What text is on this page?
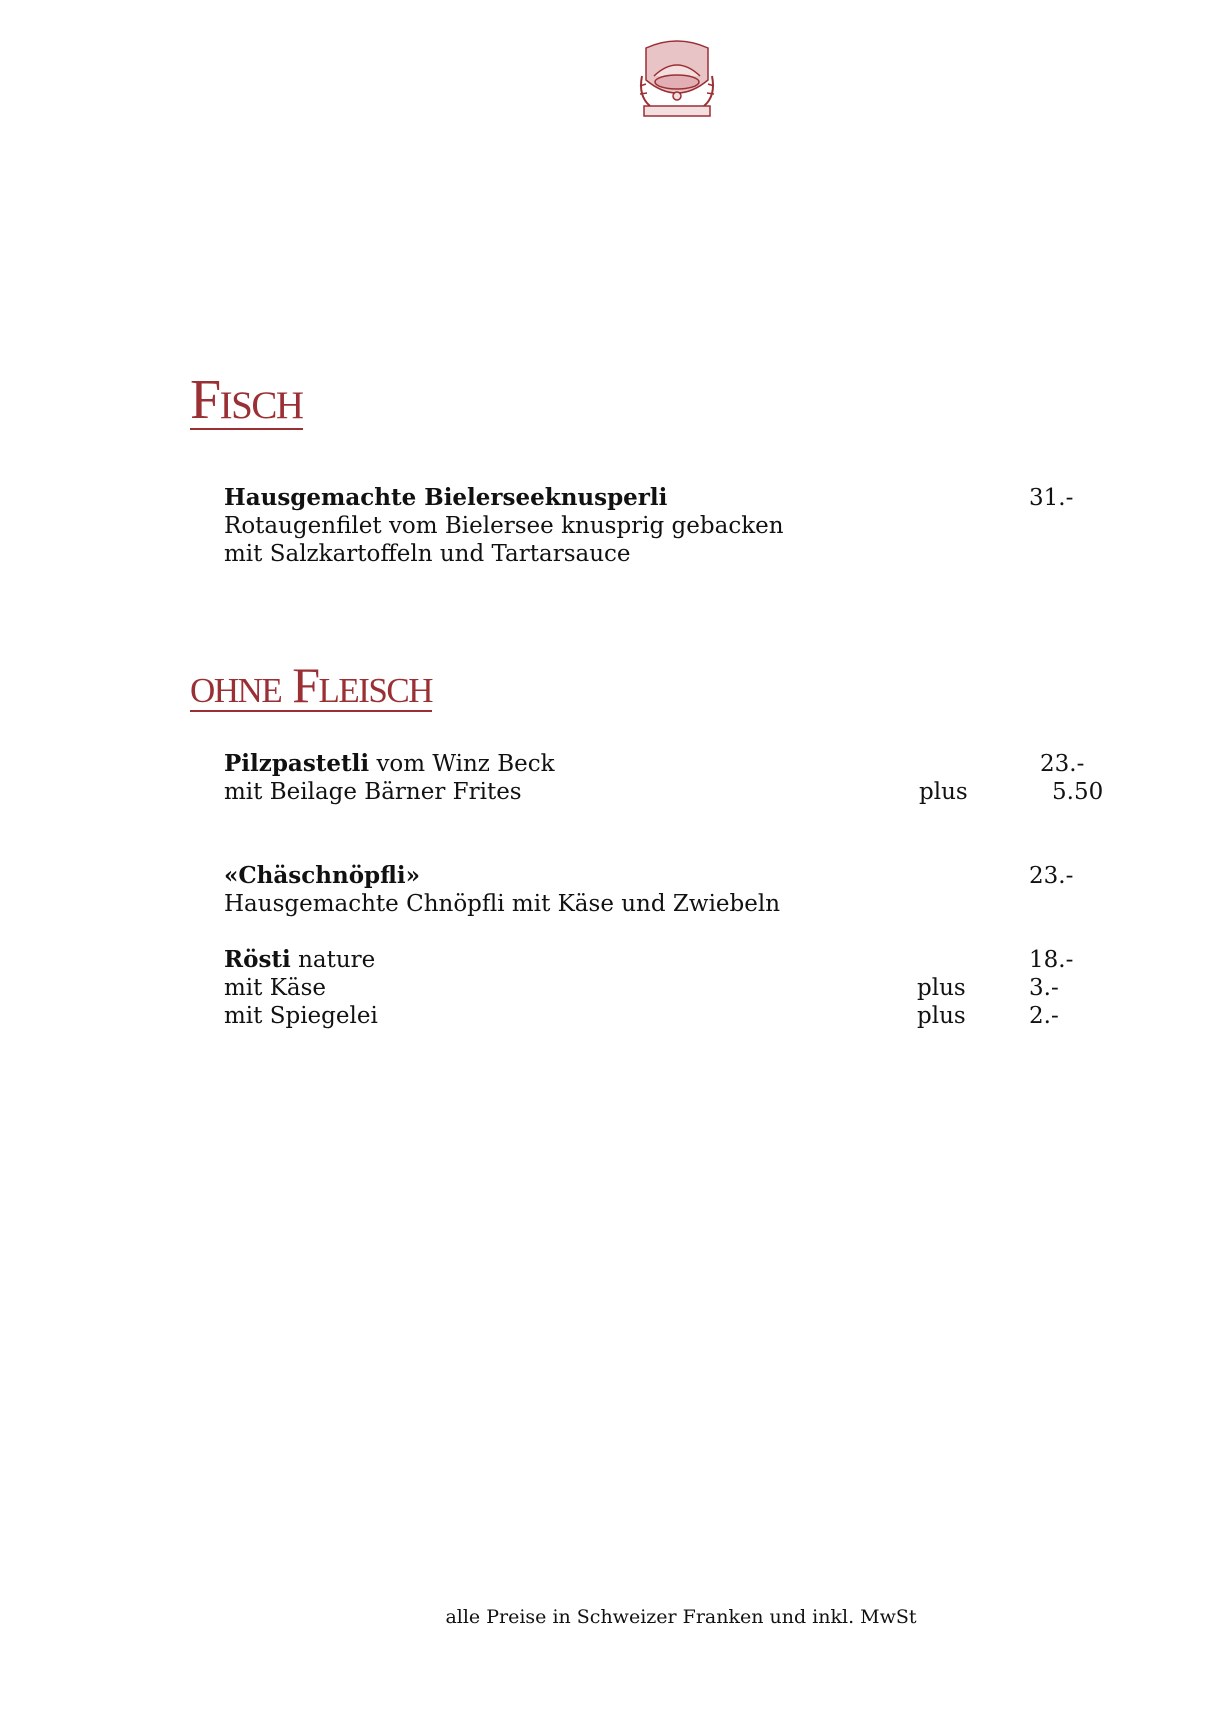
Fisch
Hausgemachte Bielerseeknusperli	31.-
Rotaugenfilet vom Bielersee knusprig gebacken
mit Salzkartoffeln und Tartarsauce
ohne Fleisch
Pilzpastetli vom Winz Beck	23.-
mit Beilage Bärner Frites	plus	5.50
«Chäschnöpfli»	23.-
Hausgemachte Chnöpfli mit Käse und Zwiebeln
Rösti nature	18.-
mit Käse	plus	3.-
mit Spiegelei	plus	2.-
alle Preise in Schweizer Franken und inkl. MwSt
